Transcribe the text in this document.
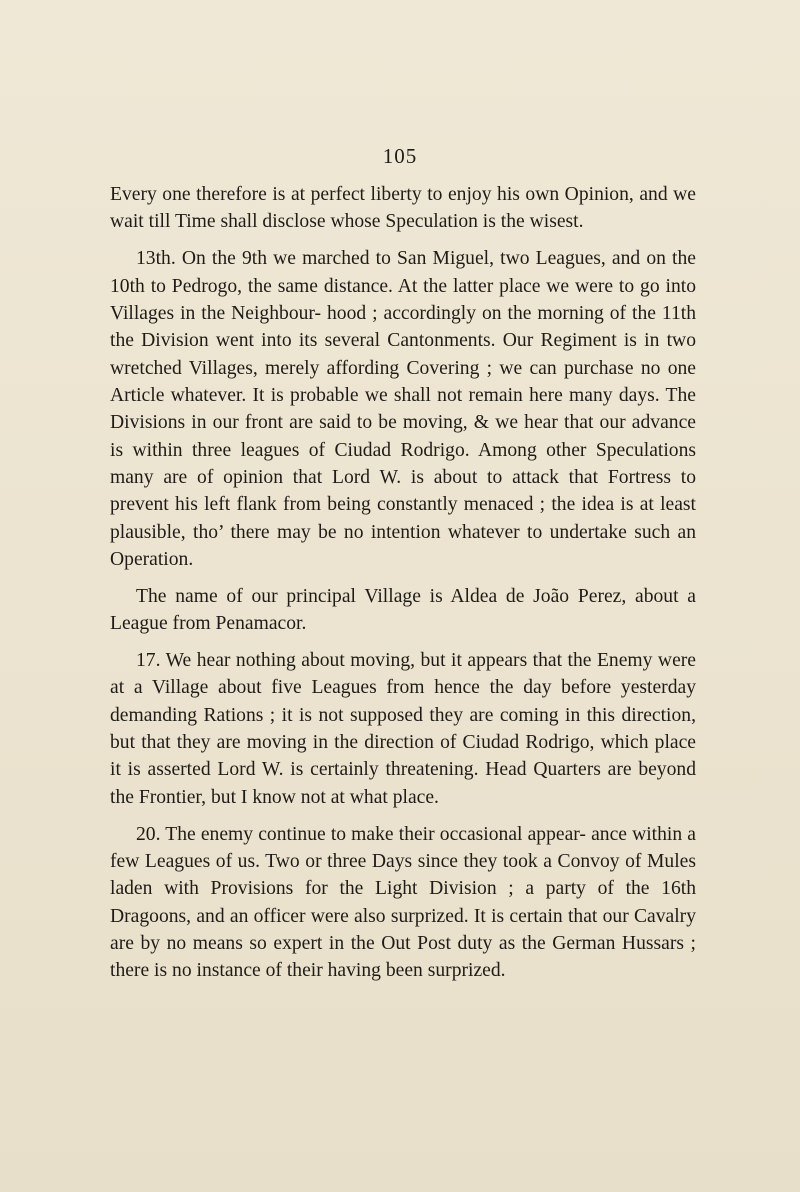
105

Every one therefore is at perfect liberty to enjoy his own Opinion, and we wait till Time shall disclose whose Speculation is the wisest.

13th. On the 9th we marched to San Miguel, two Leagues, and on the 10th to Pedrogo, the same distance. At the latter place we were to go into Villages in the Neighbour- hood ; accordingly on the morning of the 11th the Division went into its several Cantonments. Our Regiment is in two wretched Villages, merely affording Covering ; we can purchase no one Article whatever. It is probable we shall not remain here many days. The Divisions in our front are said to be moving, & we hear that our advance is within three leagues of Ciudad Rodrigo. Among other Speculations many are of opinion that Lord W. is about to attack that Fortress to prevent his left flank from being constantly menaced ; the idea is at least plausible, tho’ there may be no intention whatever to undertake such an Operation.

The name of our principal Village is Aldea de João Perez, about a League from Penamacor.

17. We hear nothing about moving, but it appears that the Enemy were at a Village about five Leagues from hence the day before yesterday demanding Rations ; it is not supposed they are coming in this direction, but that they are moving in the direction of Ciudad Rodrigo, which place it is asserted Lord W. is certainly threatening. Head Quarters are beyond the Frontier, but I know not at what place.

20. The enemy continue to make their occasional appear- ance within a few Leagues of us. Two or three Days since they took a Convoy of Mules laden with Provisions for the Light Division ; a party of the 16th Dragoons, and an officer were also surprized. It is certain that our Cavalry are by no means so expert in the Out Post duty as the German Hussars ; there is no instance of their having been surprized.
